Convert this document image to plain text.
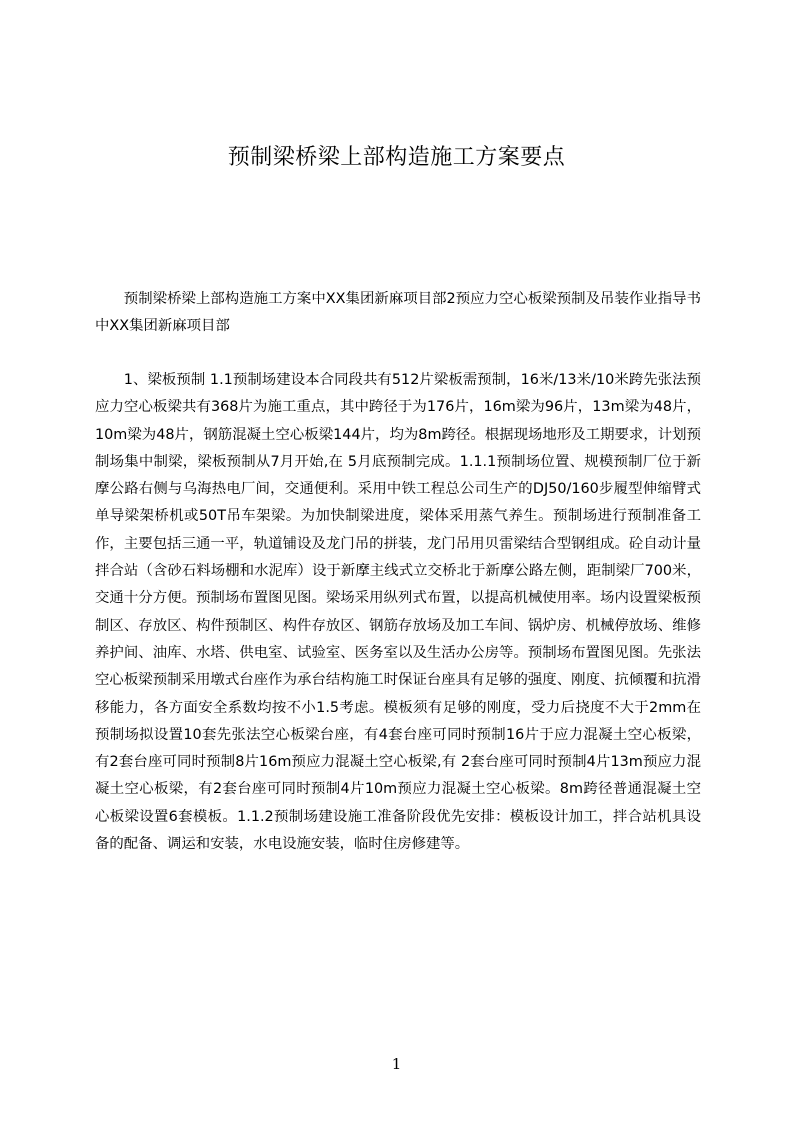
预制梁桥梁上部构造施工方案要点

预制梁桥梁上部构造施工方案中XX集团新麻项目部2预应力空心板梁预制及吊装作业指导书中XX集团新麻项目部

1、梁板预制 1.1预制场建设本合同段共有512片梁板需预制，16米/13米/10米跨先张法预应力空心板梁共有368片为施工重点，其中跨径于为176片，16m梁为96片，13m梁为48片，10m梁为48片，钢筋混凝土空心板梁144片，均为8m跨径。根据现场地形及工期要求，计划预制场集中制梁，梁板预制从7月开始,在 5月底预制完成。1.1.1预制场位置、规模预制厂位于新摩公路右侧与乌海热电厂间，交通便利。采用中铁工程总公司生产的DJ50/160步履型伸缩臂式单导梁架桥机或50T吊车架梁。为加快制梁进度，梁体采用蒸气养生。预制场进行预制准备工作，主要包括三通一平，轨道铺设及龙门吊的拼装，龙门吊用贝雷梁结合型钢组成。砼自动计量拌合站（含砂石料场棚和水泥库）设于新摩主线式立交桥北于新摩公路左侧，距制梁厂700米，交通十分方便。预制场布置图见图。梁场采用纵列式布置，以提高机械使用率。场内设置梁板预制区、存放区、构件预制区、构件存放区、钢筋存放场及加工车间、锅炉房、机械停放场、维修养护间、油库、水塔、供电室、试验室、医务室以及生活办公房等。预制场布置图见图。先张法空心板梁预制采用墩式台座作为承台结构施工时保证台座具有足够的强度、刚度、抗倾覆和抗滑移能力，各方面安全系数均按不小1.5考虑。模板须有足够的刚度，受力后挠度不大于2mm在预制场拟设置10套先张法空心板梁台座，有4套台座可同时预制16片于应力混凝土空心板梁，有2套台座可同时预制8片16m预应力混凝土空心板梁,有 2套台座可同时预制4片13m预应力混凝土空心板梁，有2套台座可同时预制4片10m预应力混凝土空心板梁。8m跨径普通混凝土空心板梁设置6套模板。1.1.2预制场建设施工准备阶段优先安排：模板设计加工，拌合站机具设备的配备、调运和安装，水电设施安装，临时住房修建等。

1
